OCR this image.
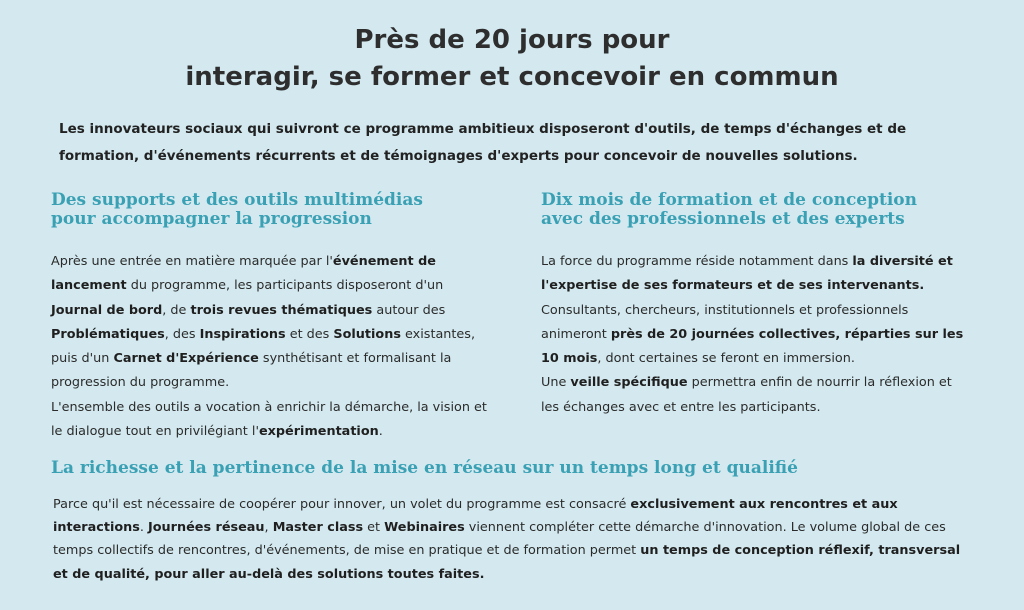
Près de 20 jours pour
interagir, se former et concevoir en commun
Les innovateurs sociaux qui suivront ce programme ambitieux disposeront d'outils, de temps d'échanges et de formation, d'événements récurrents et de témoignages d'experts pour concevoir de nouvelles solutions.
Des supports et des outils multimédias
pour accompagner la progression
Après une entrée en matière marquée par l'événement de lancement du programme, les participants disposeront d'un Journal de bord, de trois revues thématiques autour des Problématiques, des Inspirations et des Solutions existantes, puis d'un Carnet d'Expérience synthétisant et formalisant la progression du programme.
L'ensemble des outils a vocation à enrichir la démarche, la vision et le dialogue tout en privilégiant l'expérimentation.
Dix mois de formation et de conception
avec des professionnels et des experts
La force du programme réside notamment dans la diversité et l'expertise de ses formateurs et de ses intervenants. Consultants, chercheurs, institutionnels et professionnels animeront près de 20 journées collectives, réparties sur les 10 mois, dont certaines se feront en immersion.
Une veille spécifique permettra enfin de nourrir la réflexion et les échanges avec et entre les participants.
La richesse et la pertinence de la mise en réseau sur un temps long et qualifié
Parce qu'il est nécessaire de coopérer pour innover, un volet du programme est consacré exclusivement aux rencontres et aux interactions. Journées réseau, Master class et Webinaires viennent compléter cette démarche d'innovation. Le volume global de ces temps collectifs de rencontres, d'événements, de mise en pratique et de formation permet un temps de conception réflexif, transversal et de qualité, pour aller au-delà des solutions toutes faites.
